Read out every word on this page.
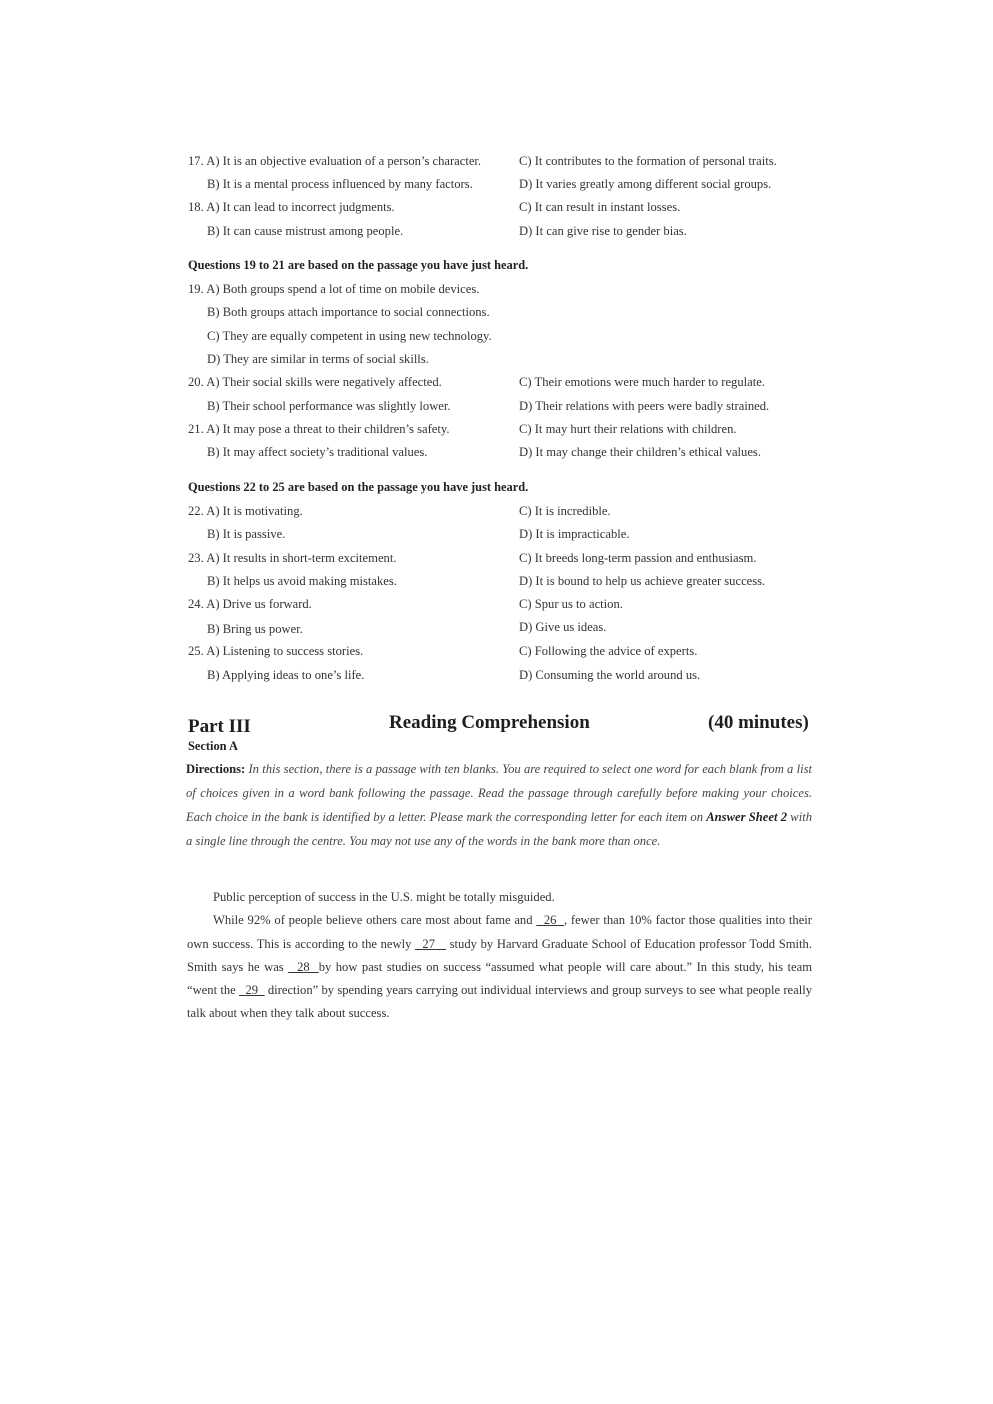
17. A) It is an objective evaluation of a person’s character.	C) It contributes to the formation of personal traits.
B) It is a mental process influenced by many factors.	D) It varies greatly among different social groups.
18. A) It can lead to incorrect judgments.	C) It can result in instant losses.
B) It can cause mistrust among people.	D) It can give rise to gender bias.
Questions 19 to 21 are based on the passage you have just heard.
19. A) Both groups spend a lot of time on mobile devices.
B) Both groups attach importance to social connections.
C) They are equally competent in using new technology.
D) They are similar in terms of social skills.
20. A) Their social skills were negatively affected.	C) Their emotions were much harder to regulate.
B) Their school performance was slightly lower.	D) Their relations with peers were badly strained.
21. A) It may pose a threat to their children’s safety.	C) It may hurt their relations with children.
B) It may affect society’s traditional values.	D) It may change their children’s ethical values.
Questions 22 to 25 are based on the passage you have just heard.
22. A) It is motivating.	C) It is incredible.
B) It is passive.	D) It is impracticable.
23. A) It results in short-term excitement.	C) It breeds long-term passion and enthusiasm.
B) It helps us avoid making mistakes.	D) It is bound to help us achieve greater success.
24. A) Drive us forward.	C) Spur us to action.
B) Bring us power.	D) Give us ideas.
25. A) Listening to success stories.	C) Following the advice of experts.
B) Applying ideas to one’s life.	D) Consuming the world around us.
Part III	Reading Comprehension	(40 minutes)
Section A
Directions: In this section, there is a passage with ten blanks. You are required to select one word for each blank from a list of choices given in a word bank following the passage. Read the passage through carefully before making your choices. Each choice in the bank is identified by a letter. Please mark the corresponding letter for each item on Answer Sheet 2 with a single line through the centre. You may not use any of the words in the bank more than once.

Public perception of success in the U.S. might be totally misguided.

While 92% of people believe others care most about fame and   26  , fewer than 10% factor those qualities into their own success. This is according to the newly   27    study by Harvard Graduate School of Education professor Todd Smith. Smith says he was   28  by how past studies on success “assumed what people will care about.” In this study, his team “went the   29   direction” by spending years carrying out individual interviews and group surveys to see what people really talk about when they talk about success.
